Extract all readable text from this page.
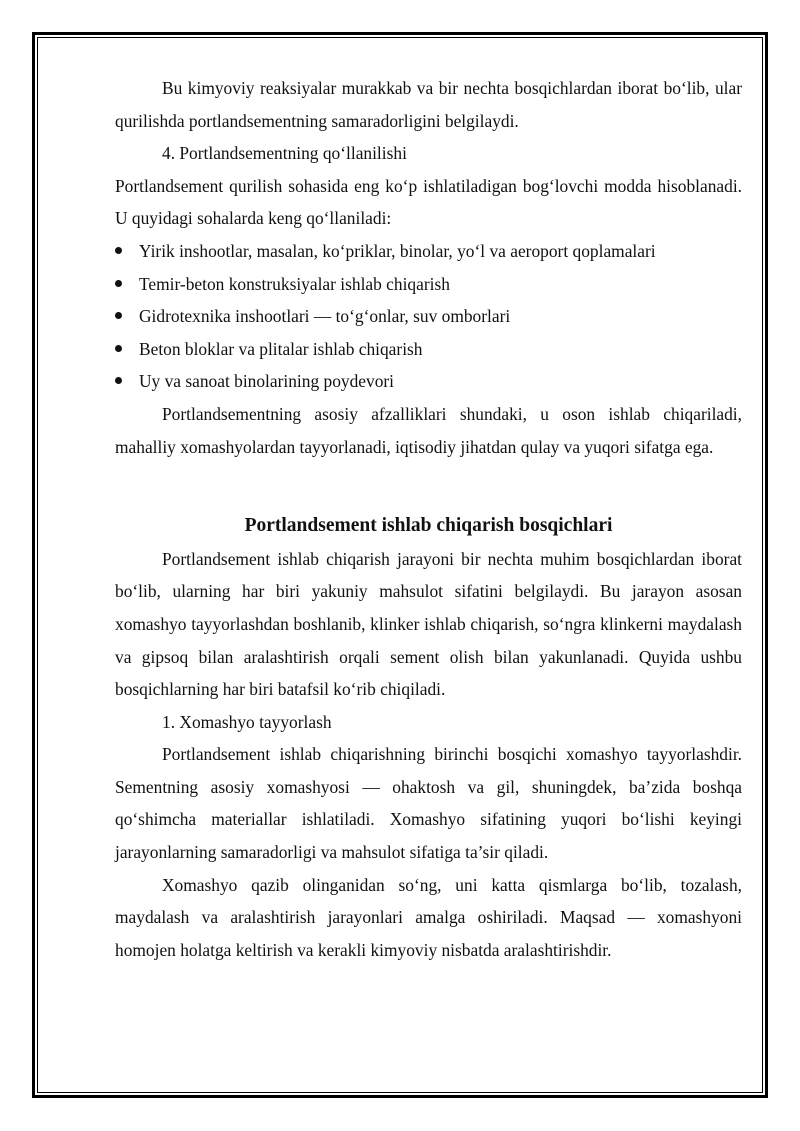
Bu kimyoviy reaksiyalar murakkab va bir nechta bosqichlardan iborat bo‘lib, ular qurilishda portlandsementning samaradorligini belgilaydi.

4. Portlandsementning qo‘llanilishi

Portlandsement qurilish sohasida eng ko‘p ishlatiladigan bog‘lovchi modda hisoblanadi. U quyidagi sohalarda keng qo‘llaniladi:

Yirik inshootlar, masalan, ko‘priklar, binolar, yo‘l va aeroport qoplamalari
Temir-beton konstruksiyalar ishlab chiqarish
Gidrotexnika inshootlari — to‘g‘onlar, suv omborlari
Beton bloklar va plitalar ishlab chiqarish
Uy va sanoat binolarining poydevori

Portlandsementning asosiy afzalliklari shundaki, u oson ishlab chiqariladi, mahalliy xomashyolardan tayyorlanadi, iqtisodiy jihatdan qulay va yuqori sifatga ega.

Portlandsement ishlab chiqarish bosqichlari

Portlandsement ishlab chiqarish jarayoni bir nechta muhim bosqichlardan iborat bo‘lib, ularning har biri yakuniy mahsulot sifatini belgilaydi. Bu jarayon asosan xomashyo tayyorlashdan boshlanib, klinker ishlab chiqarish, so‘ngra klinkerni maydalash va gipsoq bilan aralashtirish orqali sement olish bilan yakunlanadi. Quyida ushbu bosqichlarning har biri batafsil ko‘rib chiqiladi.

1. Xomashyo tayyorlash

Portlandsement ishlab chiqarishning birinchi bosqichi xomashyo tayyorlashdir. Sementning asosiy xomashyosi — ohaktosh va gil, shuningdek, ba’zida boshqa qo‘shimcha materiallar ishlatiladi. Xomashyo sifatining yuqori bo‘lishi keyingi jarayonlarning samaradorligi va mahsulot sifatiga ta’sir qiladi.

Xomashyo qazib olinganidan so‘ng, uni katta qismlarga bo‘lib, tozalash, maydalash va aralashtirish jarayonlari amalga oshiriladi. Maqsad — xomashyoni homojen holatga keltirish va kerakli kimyoviy nisbatda aralashtirishdir.
